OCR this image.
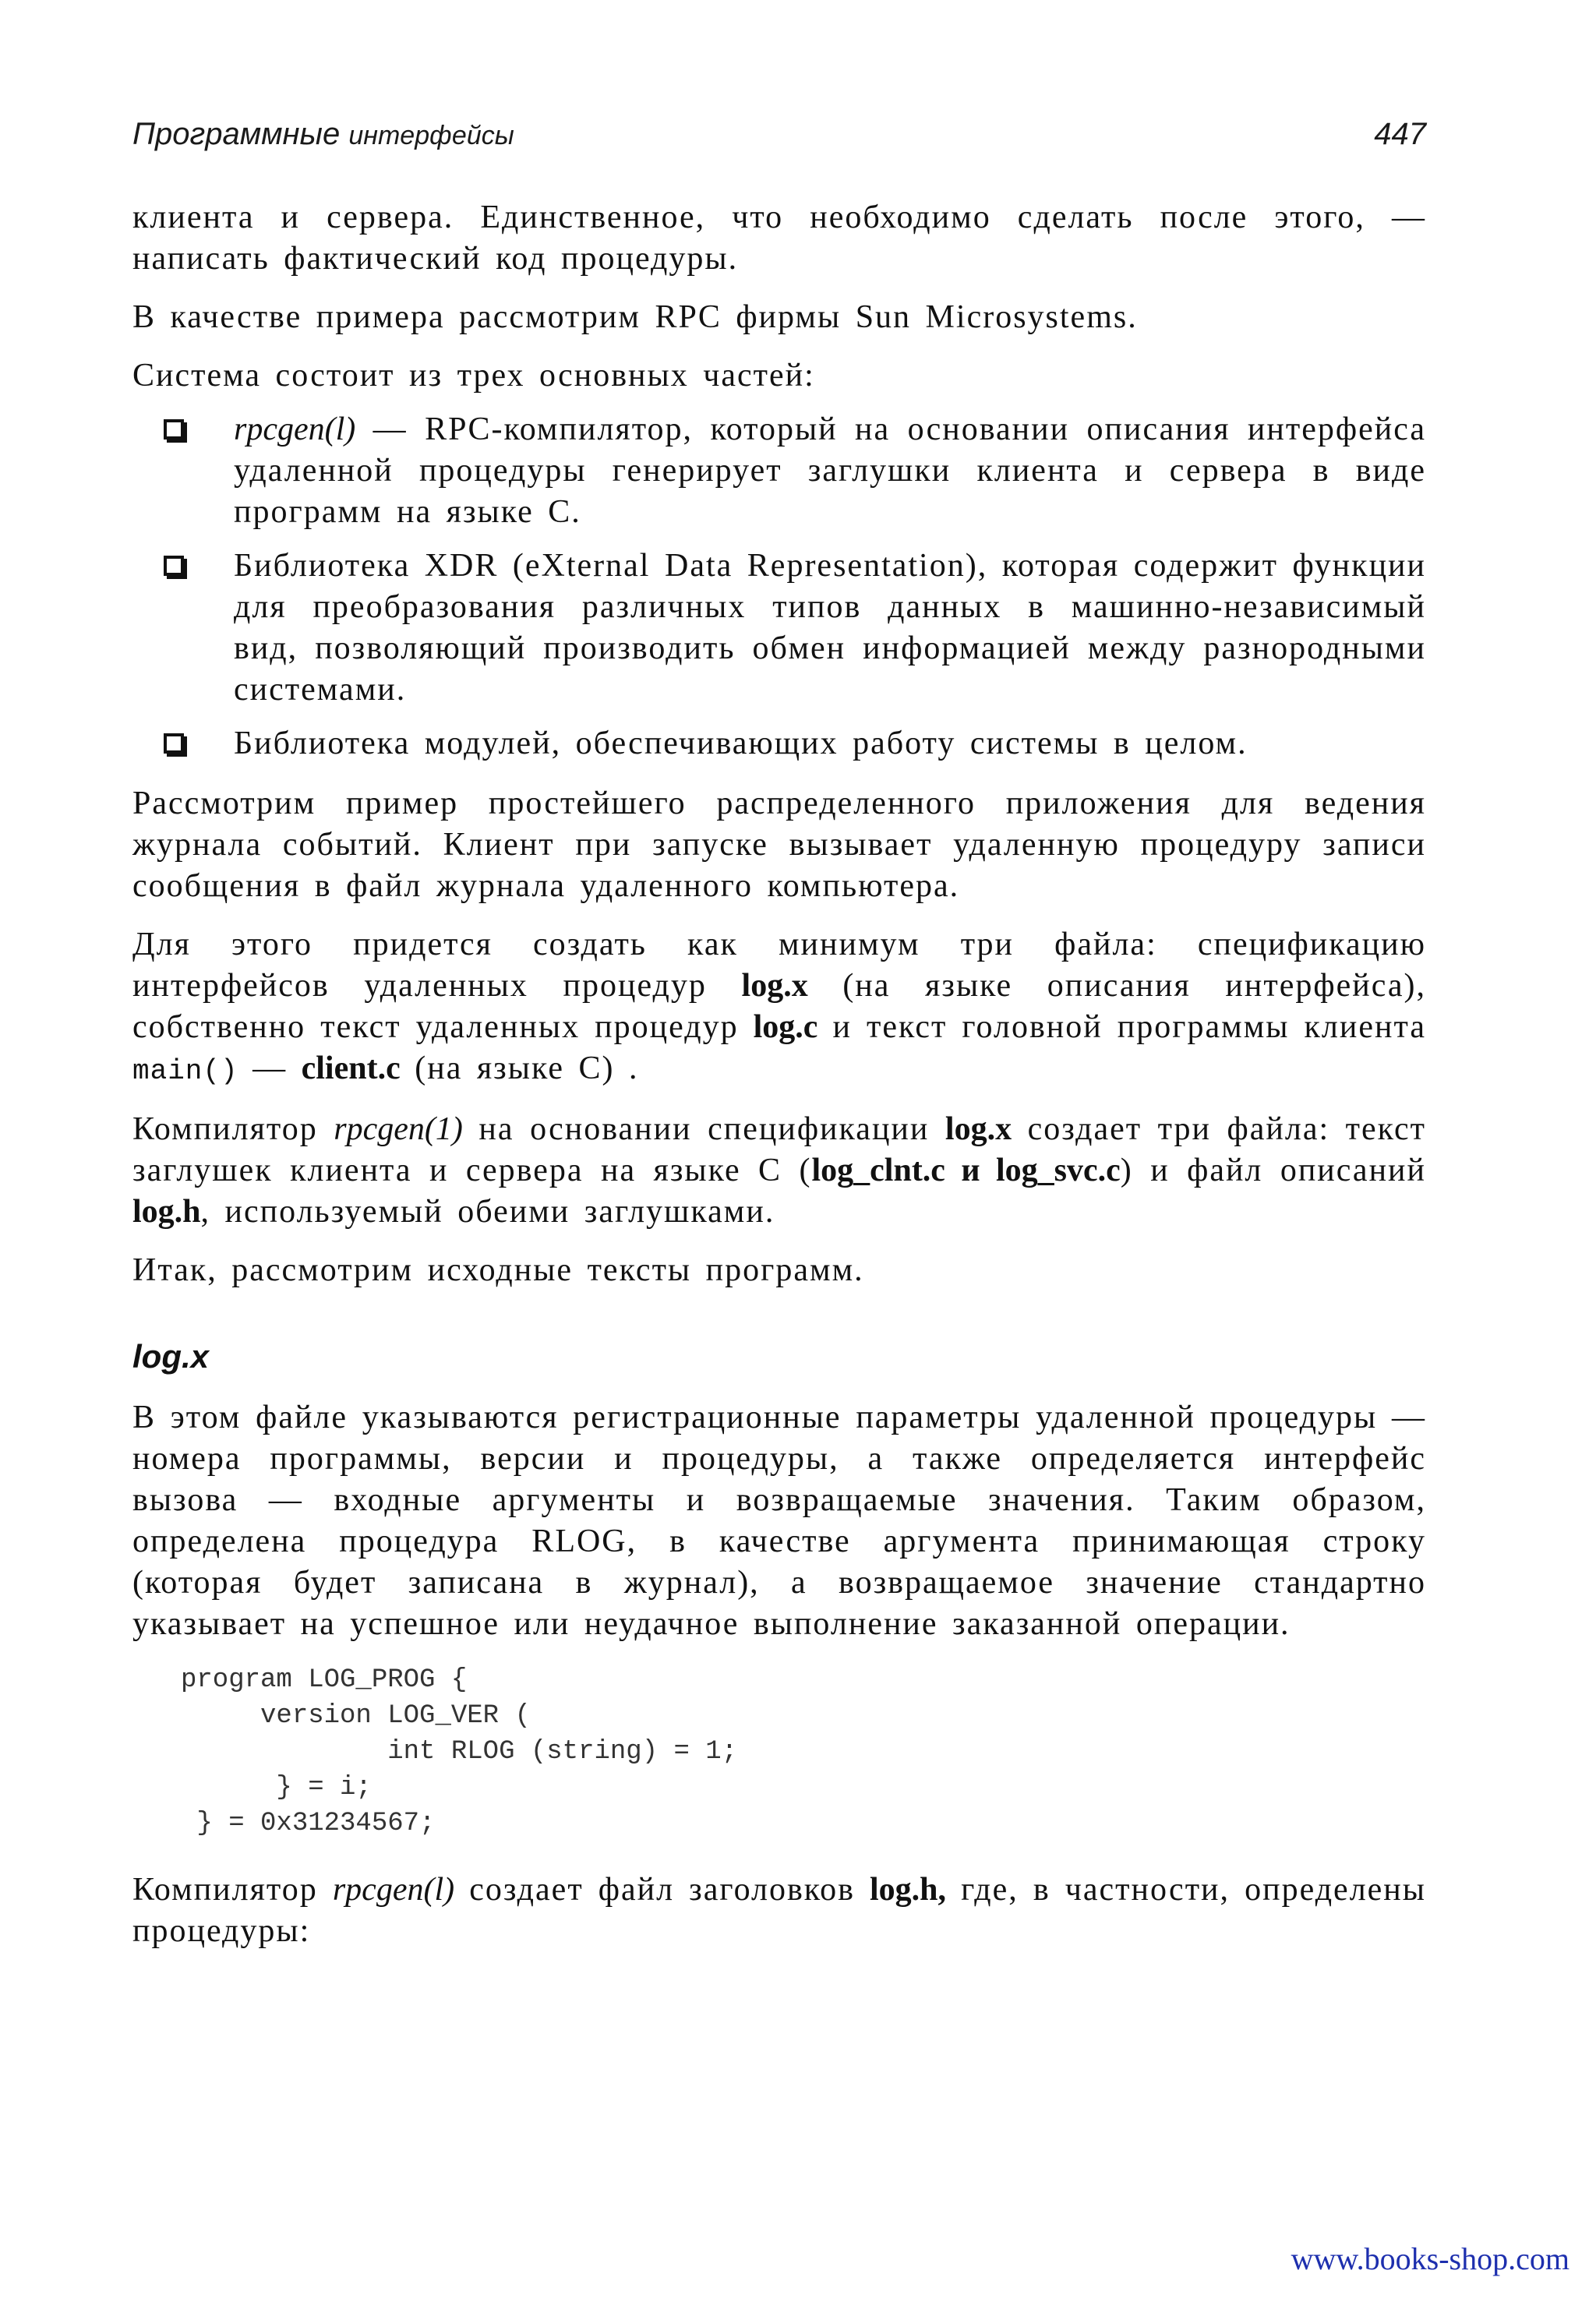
Программные интерфейсы	447

клиента и сервера. Единственное, что необходимо сделать после этого, — написать фактический код процедуры.

В качестве примера рассмотрим RPC фирмы Sun Microsystems.

Система состоит из трех основных частей:

rpcgen(l) — RPC-компилятор, который на основании описания интерфейса удаленной процедуры генерирует заглушки клиента и сервера в виде программ на языке С.
Библиотека XDR (eXternal Data Representation), которая содержит функции для преобразования различных типов данных в машинно-независимый вид, позволяющий производить обмен информацией между разнородными системами.
Библиотека модулей, обеспечивающих работу системы в целом.

Рассмотрим пример простейшего распределенного приложения для ведения журнала событий. Клиент при запуске вызывает удаленную процедуру записи сообщения в файл журнала удаленного компьютера.

Для этого придется создать как минимум три файла: спецификацию интерфейсов удаленных процедур log.x (на языке описания интерфейса), собственно текст удаленных процедур log.c и текст головной программы клиента main() — client.c (на языке С) .

Компилятор rpcgen(1) на основании спецификации log.x создает три файла: текст заглушек клиента и сервера на языке С (log_clnt.c и log_svc.c) и файл описаний log.h, используемый обеими заглушками.

Итак, рассмотрим исходные тексты программ.

log.x

В этом файле указываются регистрационные параметры удаленной процедуры — номера программы, версии и процедуры, а также определяется интерфейс вызова — входные аргументы и возвращаемые значения. Таким образом, определена процедура RLOG, в качестве аргумента принимающая строку (которая будет записана в журнал), а возвращаемое значение стандартно указывает на успешное или неудачное выполнение заказанной операции.

program LOG_PROG {
version LOG_VER (
int RLOG (string) = 1;
} = i;
} = 0x31234567;

Компилятор rpcgen(l) создает файл заголовков log.h, где, в частности, определены процедуры:

www.books-shop.com
